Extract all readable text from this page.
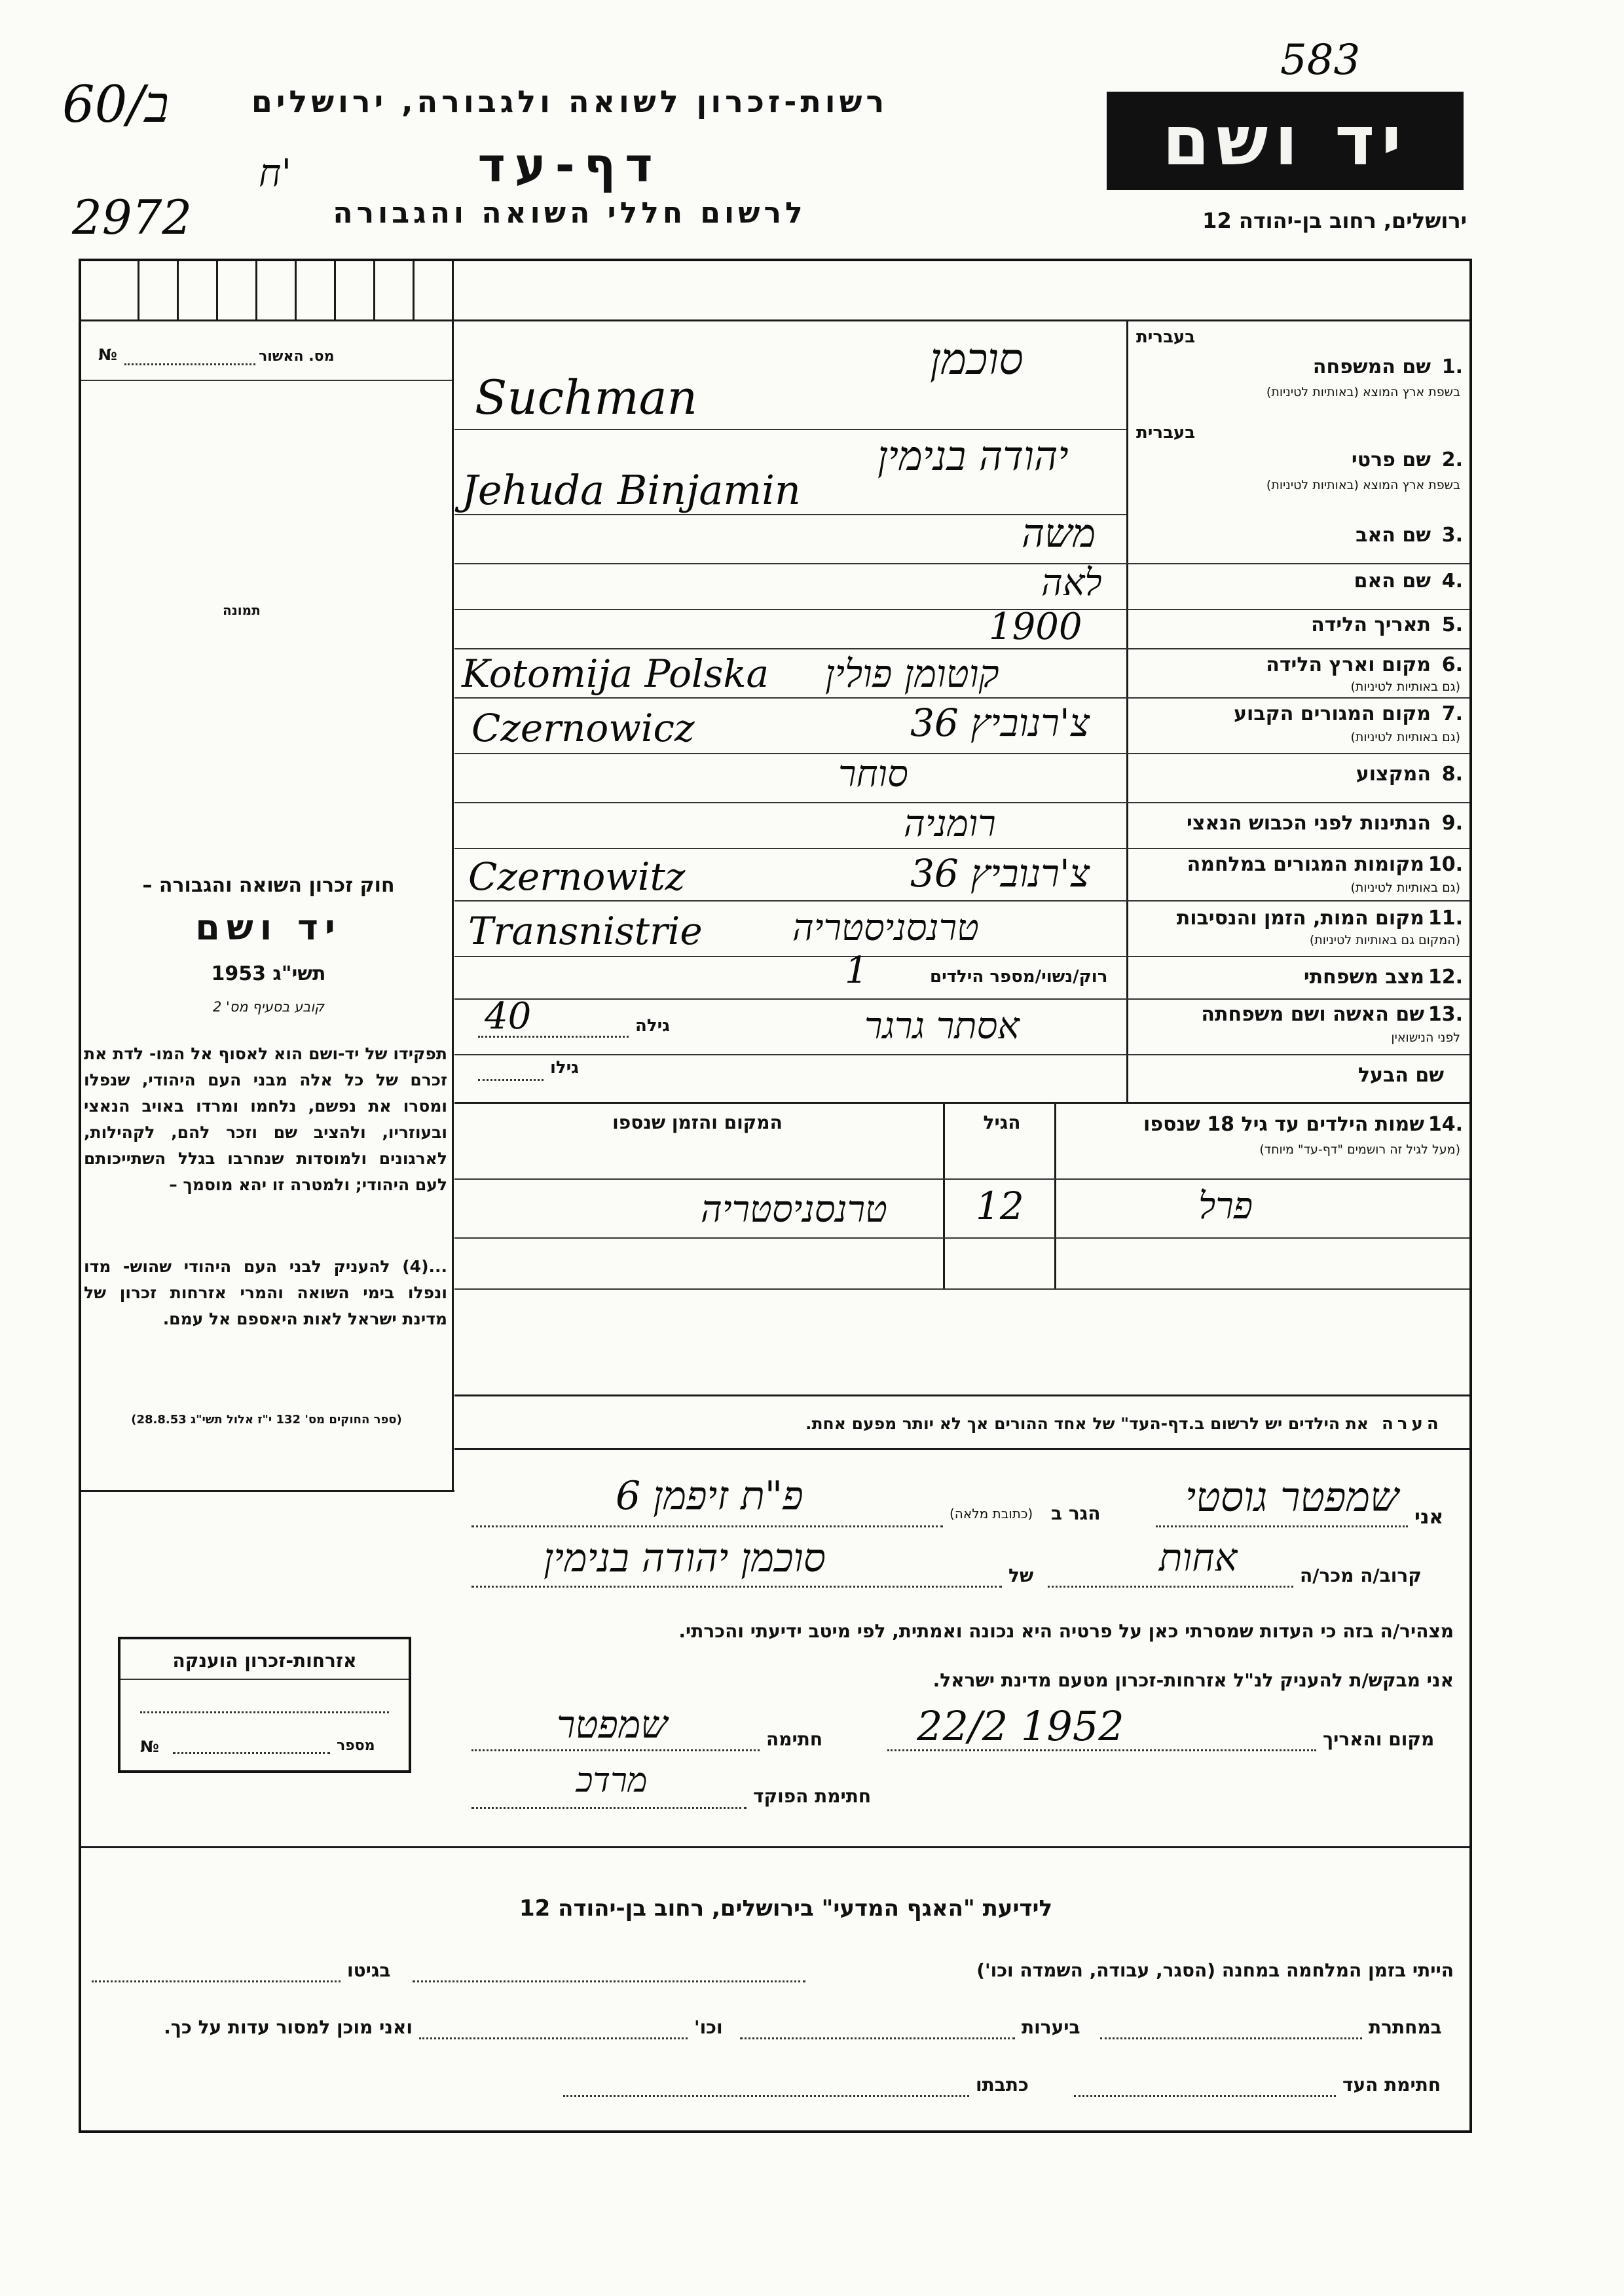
60/ב
2972
ח'
583
רשות-זכרון לשואה ולגבורה, ירושלים
דף-עד
לרשום חללי השואה והגבורה
יד ושם
ירושלים, רחוב בן-יהודה 12
מס. האשור
№
תמונה
חוק זכרון השואה והגבורה –
יד ושם
תשי"ג 1953
קובע בסעיף מס' 2
תפקידו של יד-ושם הוא לאסוף אל המו- לדת את זכרם של כל אלה מבני העם היהודי, שנפלו ומסרו את נפשם, נלחמו ומרדו באויב הנאצי ובעוזריו, ולהציב שם וזכר להם, לקהילות, לארגונים ולמוסדות שנחרבו בגלל השתייכותם לעם היהודי; ולמטרה זו יהא מוסמך –
...(4) להעניק לבני העם היהודי שהוש- מדו ונפלו בימי השואה והמרי אזרחות זכרון של מדינת ישראל לאות היאספם אל עמם.
(ספר החוקים מס' 132 י"ז אלול תשי"ג 28.8.53)
בעברית
1.
שם המשפחה
בשפת ארץ המוצא (באותיות לטיניות)
סוכמן
Suchman
בעברית
2.
שם פרטי
בשפת ארץ המוצא (באותיות לטיניות)
יהודה בנימין
Jehuda Binjamin
3.
שם האב
משה
4.
שם האם
לאה
5.
תאריך הלידה
1900
6.
מקום וארץ הלידה
(גם באותיות לטיניות)
קוטומן פולין
Kotomija Polska
7.
מקום המגורים הקבוע
(גם באותיות לטיניות)
צ'רנוביץ 36
Czernowicz
8.
המקצוע
סוחר
9.
הנתינות לפני הכבוש הנאצי
רומניה
10.
מקומות המגורים במלחמה
(גם באותיות לטיניות)
צ'רנוביץ 36
Czernowitz
11.
מקום המות, הזמן והנסיבות
(המקום גם באותיות לטיניות)
טרנסניסטריה
Transnistrie
12.
מצב משפחתי
רוק/נשוי/מספר הילדים
1
13.
שם האשה ושם משפחתה
לפני הנישואין
אסתר גרגר
גילה
40
גילו	שם הבעל
14.
שמות הילדים עד גיל 18 שנספו
(מעל לגיל זה רושמים "דף-עד" מיוחד)
הגיל
המקום והזמן שנספו
פרל
12
טרנסניסטריה
הערה
את הילדים יש לרשום ב.דף-העד" של אחד ההורים אך לא יותר מפעם אחת.
אני
שמפטר גוסטי
הגר ב
(כתובת מלאה)
פ"ת זיפמן 6
קרוב/ה מכר/ה
אחות
של
סוכמן יהודה בנימין
מצהיר/ה בזה כי העדות שמסרתי כאן על פרטיה היא נכונה ואמתית, לפי מיטב ידיעתי והכרתי.
אני מבקש/ת להעניק לנ"ל אזרחות-זכרון מטעם מדינת ישראל.
מקום והאריך
22/2 1952
חתימה
שמפטר
חתימת הפוקד
מרדכ
אזרחות-זכרון הוענקה
מספר
№
לידיעת "האגף המדעי" בירושלים, רחוב בן-יהודה 12
הייתי בזמן המלחמה במחנה (הסגר, עבודה, השמדה וכו')
בגיטו
במחתרת
ביערות
וכו'
ואני מוכן למסור עדות על כך.
חתימת העד
כתבתו
